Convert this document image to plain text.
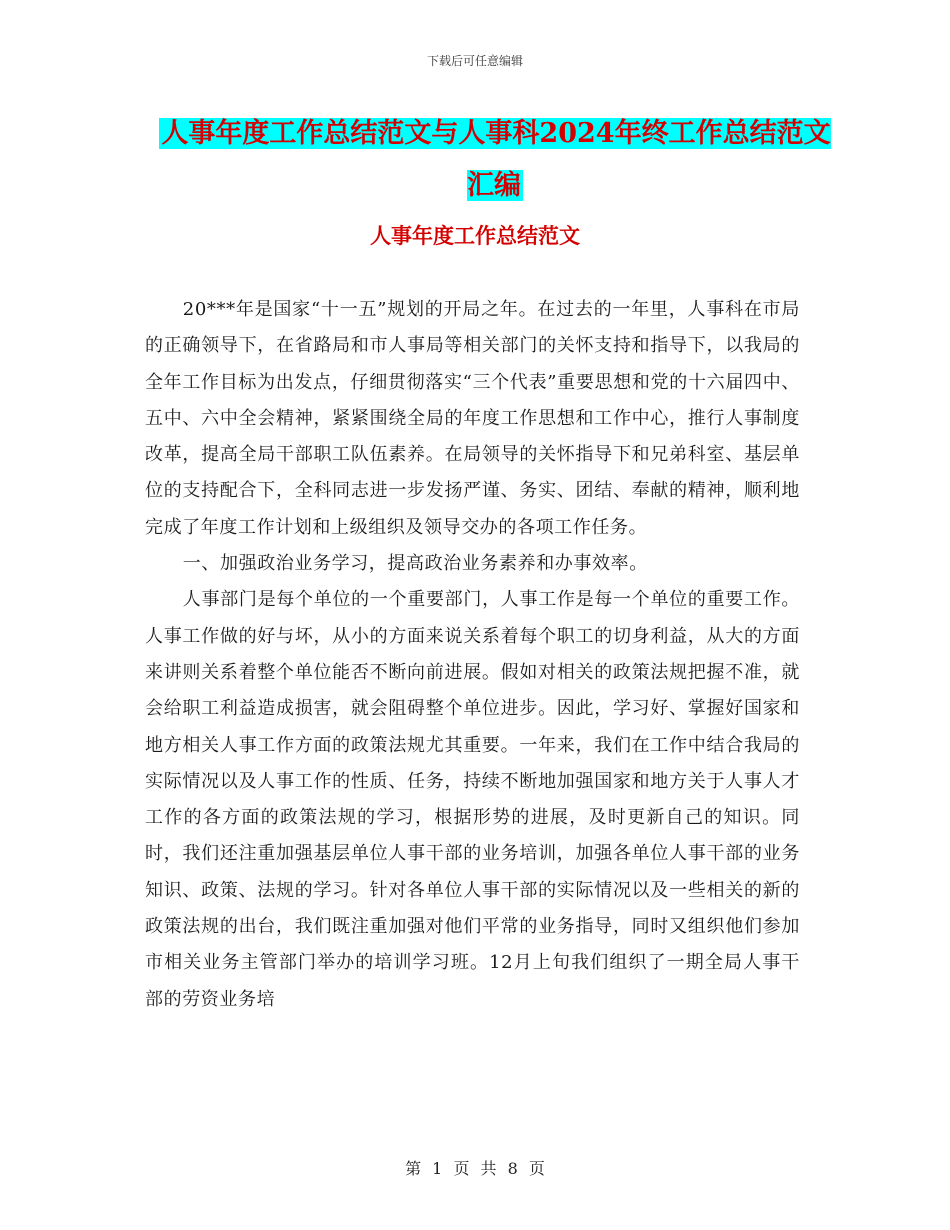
下载后可任意编辑
人事年度工作总结范文与人事科2024年终工作总结范文汇编
人事年度工作总结范文

20***年是国家“十一五”规划的开局之年。在过去的一年里，人事科在市局的正确领导下，在省路局和市人事局等相关部门的关怀支持和指导下，以我局的全年工作目标为出发点，仔细贯彻落实“三个代表”重要思想和党的十六届四中、五中、六中全会精神，紧紧围绕全局的年度工作思想和工作中心，推行人事制度改革，提高全局干部职工队伍素养。在局领导的关怀指导下和兄弟科室、基层单位的支持配合下，全科同志进一步发扬严谨、务实、团结、奉献的精神，顺利地完成了年度工作计划和上级组织及领导交办的各项工作任务。

一、加强政治业务学习，提高政治业务素养和办事效率。

人事部门是每个单位的一个重要部门，人事工作是每一个单位的重要工作。人事工作做的好与坏，从小的方面来说关系着每个职工的切身利益，从大的方面来讲则关系着整个单位能否不断向前进展。假如对相关的政策法规把握不准，就会给职工利益造成损害，就会阻碍整个单位进步。因此，学习好、掌握好国家和地方相关人事工作方面的政策法规尤其重要。一年来，我们在工作中结合我局的实际情况以及人事工作的性质、任务，持续不断地加强国家和地方关于人事人才工作的各方面的政策法规的学习，根据形势的进展，及时更新自己的知识。同时，我们还注重加强基层单位人事干部的业务培训，加强各单位人事干部的业务知识、政策、法规的学习。针对各单位人事干部的实际情况以及一些相关的新的政策法规的出台，我们既注重加强对他们平常的业务指导，同时又组织他们参加市相关业务主管部门举办的培训学习班。12月上旬我们组织了一期全局人事干部的劳资业务培

第 1 页 共 8 页
